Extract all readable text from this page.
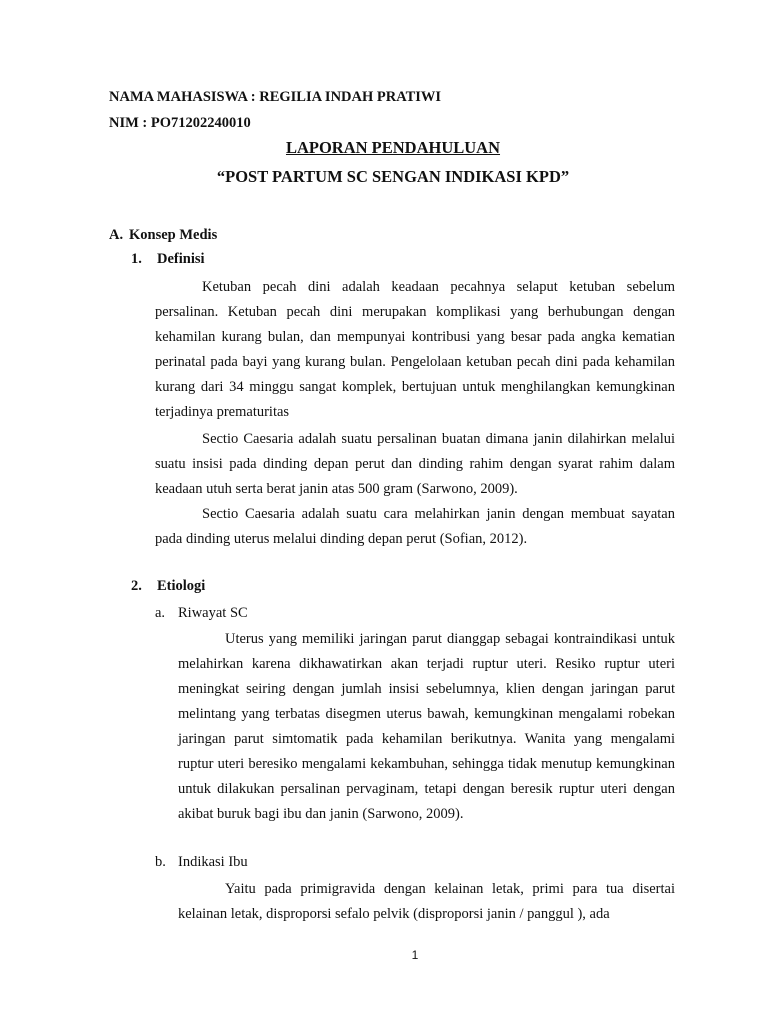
NAMA MAHASISWA : REGILIA INDAH PRATIWI
NIM : PO71202240010
LAPORAN PENDAHULUAN
“POST PARTUM SC SENGAN INDIKASI KPD”
A. Konsep Medis
1. Definisi

Ketuban pecah dini adalah keadaan pecahnya selaput ketuban sebelum persalinan. Ketuban pecah dini merupakan komplikasi yang berhubungan dengan kehamilan kurang bulan, dan mempunyai kontribusi yang besar pada angka kematian perinatal pada bayi yang kurang bulan. Pengelolaan ketuban pecah dini pada kehamilan kurang dari 34 minggu sangat komplek, bertujuan untuk menghilangkan kemungkinan terjadinya prematuritas

Sectio Caesaria adalah suatu persalinan buatan dimana janin dilahirkan melalui suatu insisi pada dinding depan perut dan dinding rahim dengan syarat rahim dalam keadaan utuh serta berat janin atas 500 gram (Sarwono, 2009).

Sectio Caesaria adalah suatu cara melahirkan janin dengan membuat sayatan pada dinding uterus melalui dinding depan perut (Sofian, 2012).

2. Etiologi
a. Riwayat SC

Uterus yang memiliki jaringan parut dianggap sebagai kontraindikasi untuk melahirkan karena dikhawatirkan akan terjadi ruptur uteri. Resiko ruptur uteri meningkat seiring dengan jumlah insisi sebelumnya, klien dengan jaringan parut melintang yang terbatas disegmen uterus bawah, kemungkinan mengalami robekan jaringan parut simtomatik pada kehamilan berikutnya. Wanita yang mengalami ruptur uteri beresiko mengalami kekambuhan, sehingga tidak menutup kemungkinan untuk dilakukan persalinan pervaginam, tetapi dengan beresik ruptur uteri dengan akibat buruk bagi ibu dan janin (Sarwono, 2009).

b. Indikasi Ibu

Yaitu pada primigravida dengan kelainan letak, primi para tua disertai kelainan letak, disproporsi sefalo pelvik (disproporsi janin / panggul ), ada

1
